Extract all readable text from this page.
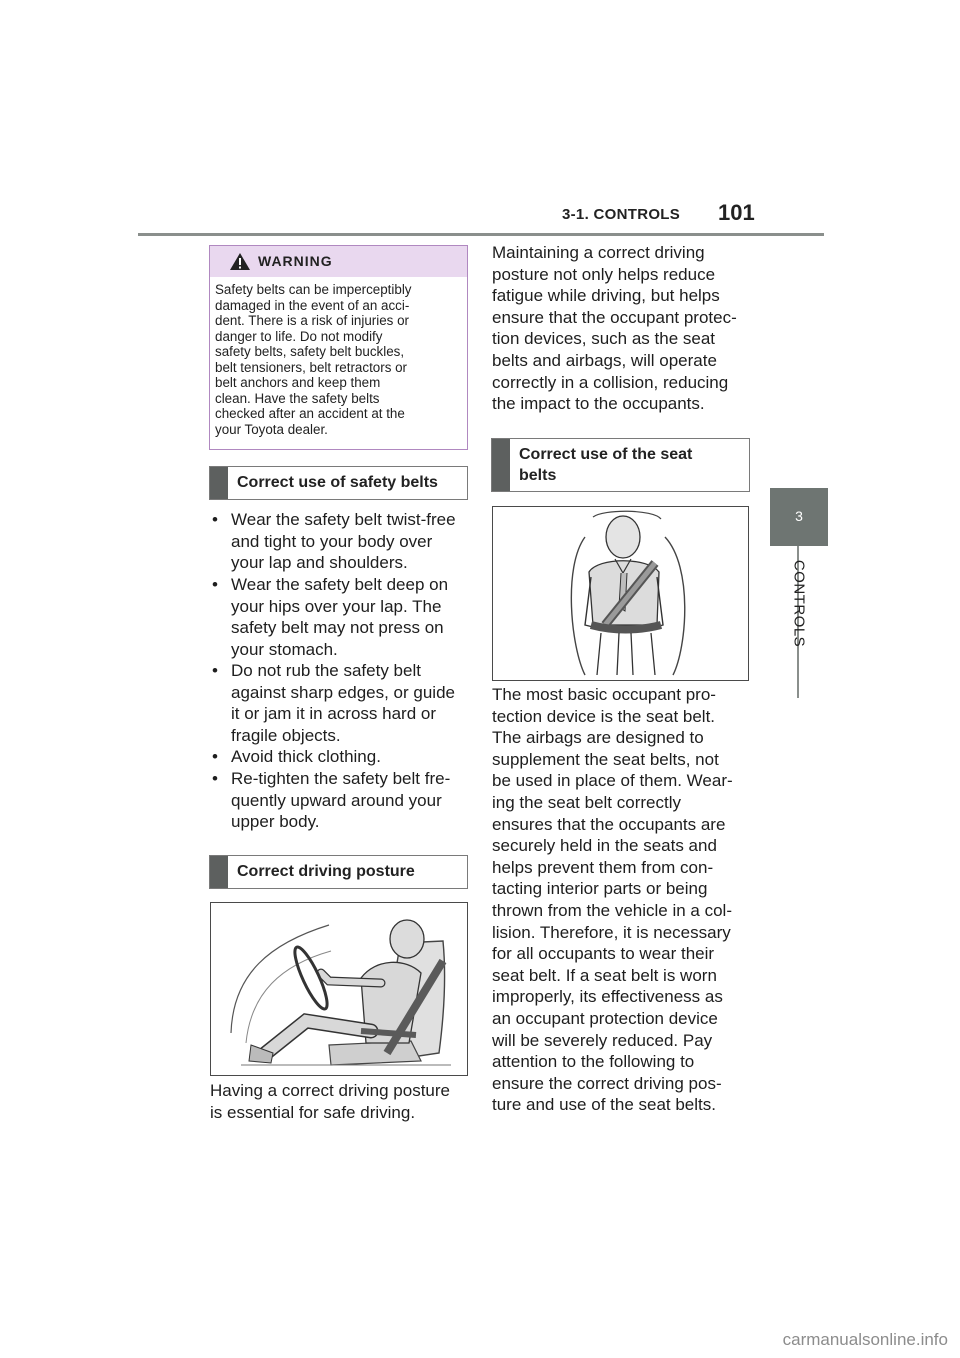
3-1. CONTROLS 101
3
CONTROLS
WARNING
Safety belts can be imperceptibly
damaged in the event of an acci-
dent. There is a risk of injuries or
danger to life. Do not modify
safety belts, safety belt buckles,
belt tensioners, belt retractors or
belt anchors and keep them
clean. Have the safety belts
checked after an accident at the
your Toyota dealer.
Correct use of safety belts
• Wear the safety belt twist-free
and tight to your body over
your lap and shoulders.
• Wear the safety belt deep on
your hips over your lap. The
safety belt may not press on
your stomach.
• Do not rub the safety belt
against sharp edges, or guide
it or jam it in across hard or
fragile objects.
• Avoid thick clothing.
• Re-tighten the safety belt fre-
quently upward around your
upper body.
Correct driving posture
Having a correct driving posture
is essential for safe driving.
Maintaining a correct driving
posture not only helps reduce
fatigue while driving, but helps
ensure that the occupant protec-
tion devices, such as the seat
belts and airbags, will operate
correctly in a collision, reducing
the impact to the occupants.
Correct use of the seat
belts
The most basic occupant pro-
tection device is the seat belt.
The airbags are designed to
supplement the seat belts, not
be used in place of them. Wear-
ing the seat belt correctly
ensures that the occupants are
securely held in the seats and
helps prevent them from con-
tacting interior parts or being
thrown from the vehicle in a col-
lision. Therefore, it is necessary
for all occupants to wear their
seat belt. If a seat belt is worn
improperly, its effectiveness as
an occupant protection device
will be severely reduced. Pay
attention to the following to
ensure the correct driving pos-
ture and use of the seat belts.
carmanualsonline.info
